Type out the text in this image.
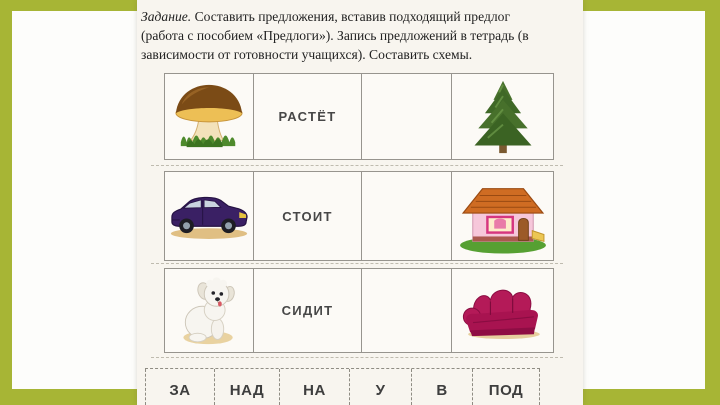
Задание. Составить предложения, вставив подходящий предлог
(работа с пособием «Предлоги»). Запись предложений в тетрадь (в
зависимости от готовности учащихся). Составить схемы.
РАСТЁТ
СТОИТ
СИДИТ
ЗА	НАД	НА	У	В	ПОД
